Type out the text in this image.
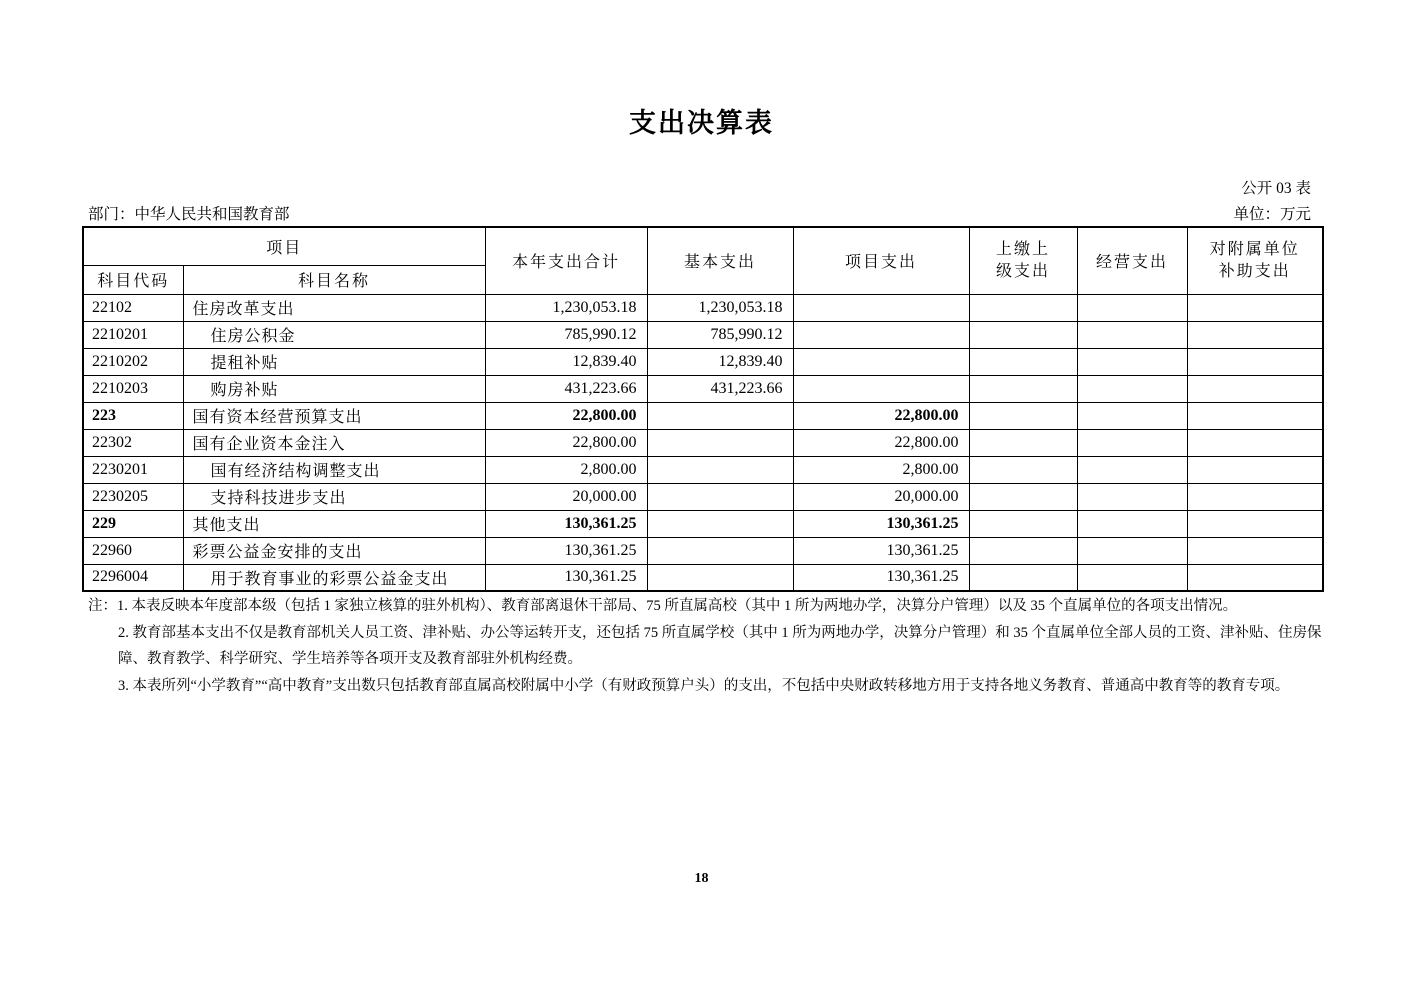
支出决算表
公开 03 表
部门：中华人民共和国教育部	单位：万元
项目		本年支出合计	基本支出	项目支出	上缴上
级支出	经营支出	对附属单位
补助支出

科目代码	科目名称						
22102	住房改革支出	1,230,053.18	1,230,053.18				
2210201	住房公积金	785,990.12	785,990.12				
2210202	提租补贴	12,839.40	12,839.40				
2210203	购房补贴	431,223.66	431,223.66				
223	国有资本经营预算支出	22,800.00		22,800.00			
22302	国有企业资本金注入	22,800.00		22,800.00			
2230201	国有经济结构调整支出	2,800.00		2,800.00			
2230205	支持科技进步支出	20,000.00		20,000.00			
229	其他支出	130,361.25		130,361.25			
22960	彩票公益金安排的支出	130,361.25		130,361.25			
2296004	用于教育事业的彩票公益金支出	130,361.25		130,361.25			

注：1. 本表反映本年度部本级（包括 1 家独立核算的驻外机构）、教育部离退休干部局、75 所直属高校（其中 1 所为两地办学，决算分户管理）以及 35 个直属单位的各项支出情况。

2. 教育部基本支出不仅是教育部机关人员工资、津补贴、办公等运转开支，还包括 75 所直属学校（其中 1 所为两地办学，决算分户管理）和 35 个直属单位全部人员的工资、津补贴、住房保障、教育教学、科学研究、学生培养等各项开支及教育部驻外机构经费。

3. 本表所列“小学教育”“高中教育”支出数只包括教育部直属高校附属中小学（有财政预算户头）的支出，不包括中央财政转移地方用于支持各地义务教育、普通高中教育等的教育专项。

18
